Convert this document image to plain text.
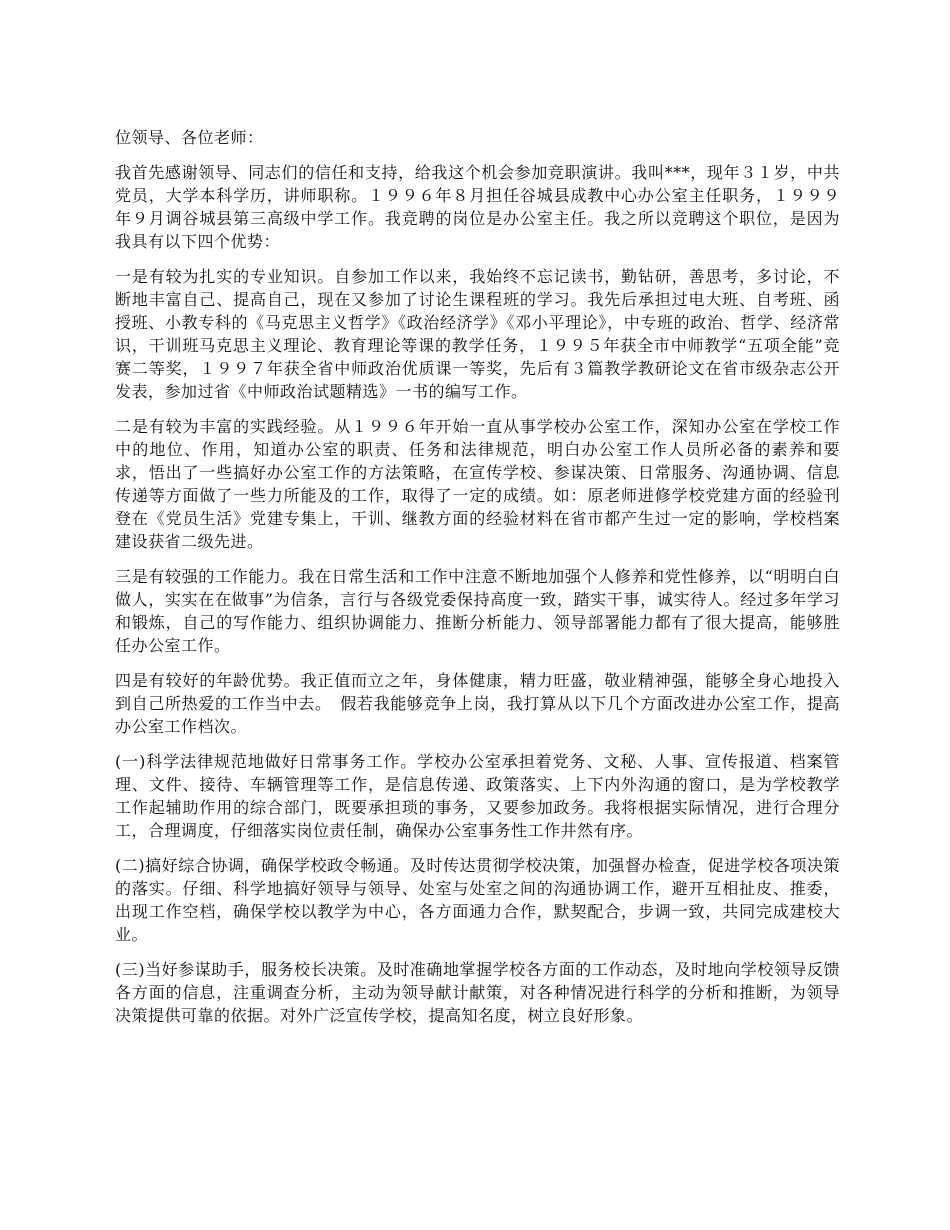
位领导、各位老师：

我首先感谢领导、同志们的信任和支持，给我这个机会参加竞职演讲。我叫***，现年３１岁，中共党员，大学本科学历，讲师职称。１９９６年８月担任谷城县成教中心办公室主任职务，１９９９年９月调谷城县第三高级中学工作。我竞聘的岗位是办公室主任。我之所以竞聘这个职位，是因为我具有以下四个优势：

一是有较为扎实的专业知识。自参加工作以来，我始终不忘记读书，勤钻研，善思考，多讨论，不断地丰富自己、提高自己，现在又参加了讨论生课程班的学习。我先后承担过电大班、自考班、函授班、小教专科的《马克思主义哲学》《政治经济学》《邓小平理论》，中专班的政治、哲学、经济常识，干训班马克思主义理论、教育理论等课的教学任务，１９９５年获全市中师教学“五项全能”竞赛二等奖，１９９７年获全省中师政治优质课一等奖，先后有３篇教学教研论文在省市级杂志公开发表，参加过省《中师政治试题精选》一书的编写工作。

二是有较为丰富的实践经验。从１９９６年开始一直从事学校办公室工作，深知办公室在学校工作中的地位、作用，知道办公室的职责、任务和法律规范，明白办公室工作人员所必备的素养和要求，悟出了一些搞好办公室工作的方法策略，在宣传学校、参谋决策、日常服务、沟通协调、信息传递等方面做了一些力所能及的工作，取得了一定的成绩。如：原老师进修学校党建方面的经验刊登在《党员生活》党建专集上，干训、继教方面的经验材料在省市都产生过一定的影响，学校档案建设获省二级先进。

三是有较强的工作能力。我在日常生活和工作中注意不断地加强个人修养和党性修养，以“明明白白做人，实实在在做事”为信条，言行与各级党委保持高度一致，踏实干事，诚实待人。经过多年学习和锻炼，自己的写作能力、组织协调能力、推断分析能力、领导部署能力都有了很大提高，能够胜任办公室工作。

四是有较好的年龄优势。我正值而立之年，身体健康，精力旺盛，敬业精神强，能够全身心地投入到自己所热爱的工作当中去。　假若我能够竞争上岗，我打算从以下几个方面改进办公室工作，提高办公室工作档次。

(一)科学法律规范地做好日常事务工作。学校办公室承担着党务、文秘、人事、宣传报道、档案管理、文件、接待、车辆管理等工作，是信息传递、政策落实、上下内外沟通的窗口，是为学校教学工作起辅助作用的综合部门，既要承担琐的事务，又要参加政务。我将根据实际情况，进行合理分工，合理调度，仔细落实岗位责任制，确保办公室事务性工作井然有序。

(二)搞好综合协调，确保学校政令畅通。及时传达贯彻学校决策，加强督办检查，促进学校各项决策的落实。仔细、科学地搞好领导与领导、处室与处室之间的沟通协调工作，避开互相扯皮、推委，出现工作空档，确保学校以教学为中心，各方面通力合作，默契配合，步调一致，共同完成建校大业。

(三)当好参谋助手，服务校长决策。及时准确地掌握学校各方面的工作动态，及时地向学校领导反馈各方面的信息，注重调查分析，主动为领导献计献策，对各种情况进行科学的分析和推断，为领导决策提供可靠的依据。对外广泛宣传学校，提高知名度，树立良好形象。
